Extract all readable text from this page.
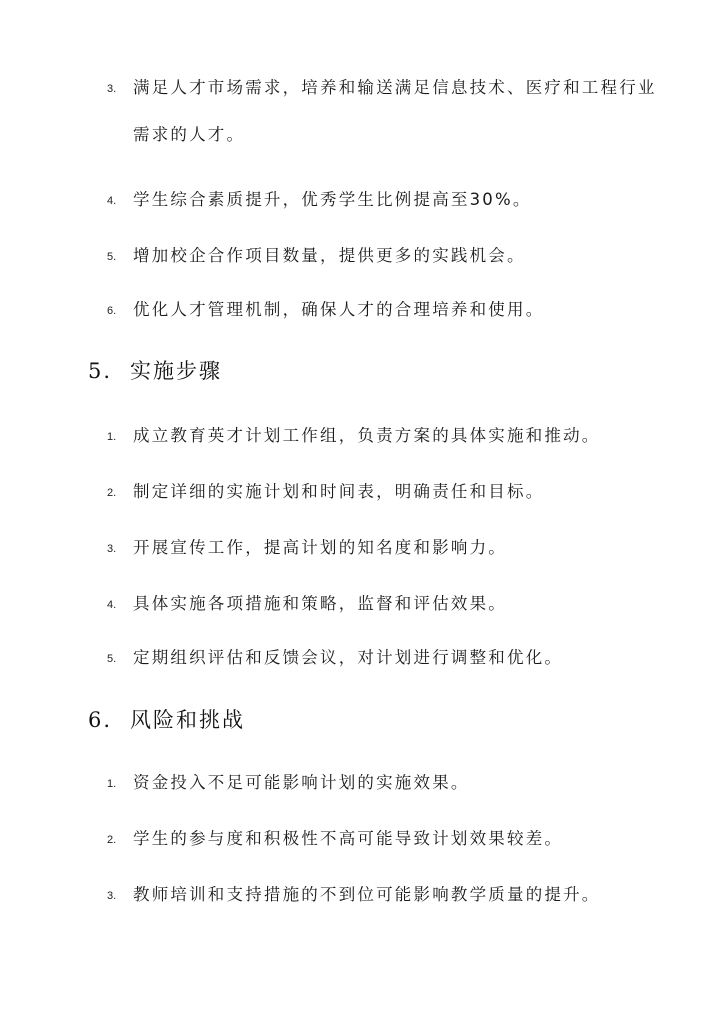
3. 满足人才市场需求，培养和输送满足信息技术、医疗和工程行业需求的人才。
4. 学生综合素质提升，优秀学生比例提高至30%。
5. 增加校企合作项目数量，提供更多的实践机会。
6. 优化人才管理机制，确保人才的合理培养和使用。
5. 实施步骤
1. 成立教育英才计划工作组，负责方案的具体实施和推动。
2. 制定详细的实施计划和时间表，明确责任和目标。
3. 开展宣传工作，提高计划的知名度和影响力。
4. 具体实施各项措施和策略，监督和评估效果。
5. 定期组织评估和反馈会议，对计划进行调整和优化。
6. 风险和挑战
1. 资金投入不足可能影响计划的实施效果。
2. 学生的参与度和积极性不高可能导致计划效果较差。
3. 教师培训和支持措施的不到位可能影响教学质量的提升。
